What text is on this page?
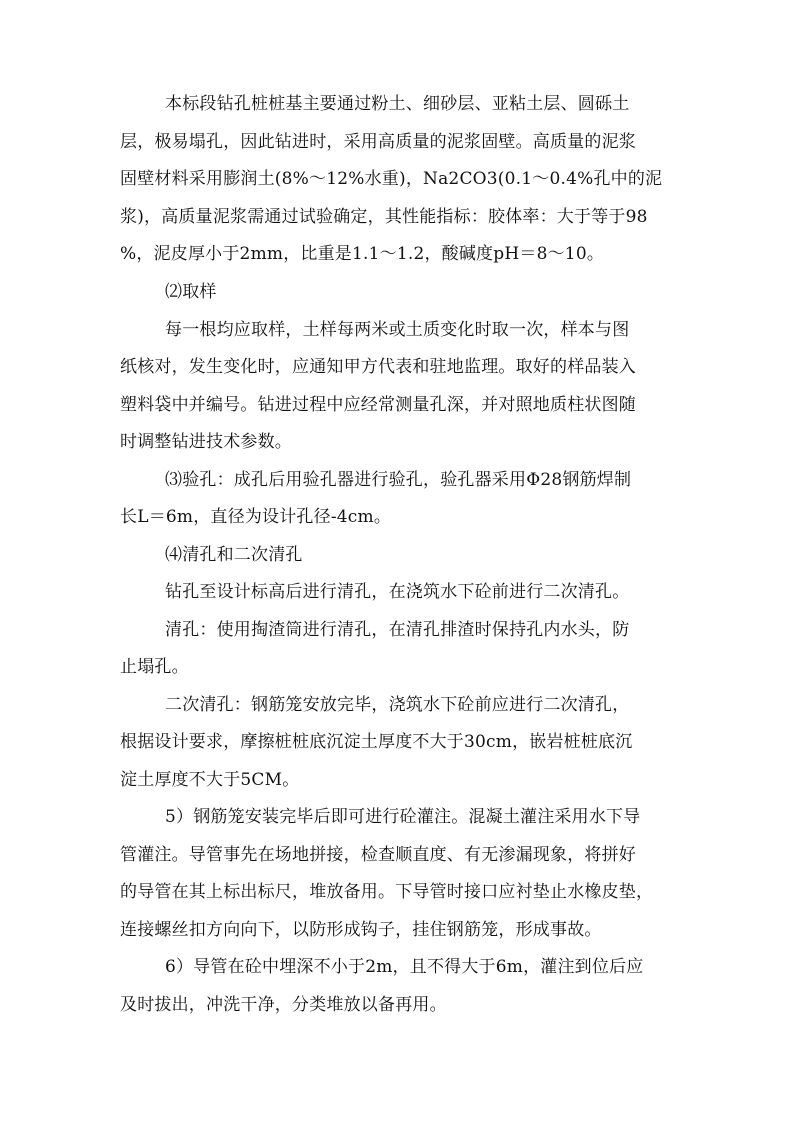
本标段钻孔桩桩基主要通过粉土、细砂层、亚粘土层、圆砾土
层，极易塌孔，因此钻进时，采用高质量的泥浆固壁。高质量的泥浆
固壁材料采用膨润土(8%～12%水重)，Na2CO3(0.1～0.4%孔中的泥
浆)，高质量泥浆需通过试验确定，其性能指标：胶体率：大于等于98
%，泥皮厚小于2mm，比重是1.1～1.2，酸碱度pH＝8～10。
⑵取样
每一根均应取样，土样每两米或土质变化时取一次，样本与图
纸核对，发生变化时，应通知甲方代表和驻地监理。取好的样品装入
塑料袋中并编号。钻进过程中应经常测量孔深，并对照地质柱状图随
时调整钻进技术参数。
⑶验孔：成孔后用验孔器进行验孔，验孔器采用Φ28钢筋焊制
长L＝6m，直径为设计孔径-4cm。
⑷清孔和二次清孔
钻孔至设计标高后进行清孔，在浇筑水下砼前进行二次清孔。
清孔：使用掏渣筒进行清孔，在清孔排渣时保持孔内水头，防
止塌孔。
二次清孔：钢筋笼安放完毕，浇筑水下砼前应进行二次清孔，
根据设计要求，摩擦桩桩底沉淀土厚度不大于30cm，嵌岩桩桩底沉
淀土厚度不大于5CM。
5）钢筋笼安装完毕后即可进行砼灌注。混凝土灌注采用水下导
管灌注。导管事先在场地拼接，检查顺直度、有无渗漏现象，将拼好
的导管在其上标出标尺，堆放备用。下导管时接口应衬垫止水橡皮垫，
连接螺丝扣方向向下，以防形成钩子，挂住钢筋笼，形成事故。
6）导管在砼中埋深不小于2m，且不得大于6m，灌注到位后应
及时拔出，冲洗干净，分类堆放以备再用。
